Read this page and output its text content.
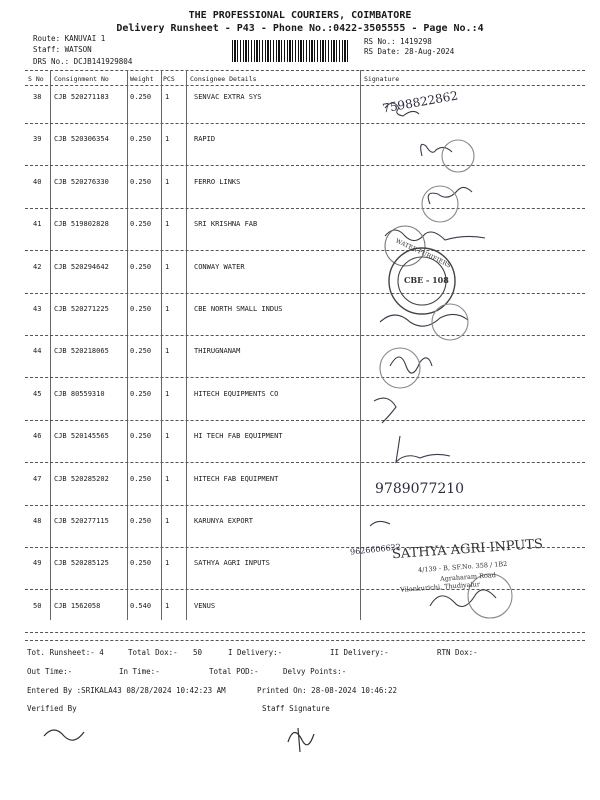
THE PROFESSIONAL COURIERS, COIMBATORE
Delivery Runsheet - P43 - Phone No.:0422-3505555 - Page No.:4
Route: KANUVAI 1
Staff: WATSON
DRS No.: DCJB141929804
RS No.: 1419298
RS Date: 28-Aug-2024
S No Consignment No	Weight PCS Consignee Details	Signature
38 CJB 520271183	0.250 1	SENVAC EXTRA SYS
39 CJB 520306354	0.250 1	RAPID
40 CJB 520276330	0.250 1	FERRO LINKS
41 CJB 519802828	0.250 1	SRI KRISHNA FAB
42 CJB 520294642	0.250 1	CONWAY WATER
43 CJB 520271225	0.250 1	CBE NORTH SMALL INDUS
44 CJB 520218065	0.250 1	THIRUGNANAM
45 CJB 80559310	0.250 1	HITECH EQUIPMENTS CO
46 CJB 520145565	0.250 1	HI TECH FAB EQUIPMENT
47 CJB 520285202	0.250 1	HITECH FAB EQUIPMENT
48 CJB 520277115	0.250 1	KARUNYA EXPORT
49 CJB 520285125	0.250 1	SATHYA AGRI INPUTS
50 CJB 1562058	0.540 1	VENUS
7598822862
9789077210
9626606622
WATER PURIFIERS
CBE - 108
SATHYA AGRI INPUTS
4/139 - B, SF.No. 358 / 1B2
Agraharam Road
Vilankurichi, Thudiyalur
Tot. Runsheet:- 4	Total Dox:- 50	I Delivery:-	II Delivery:-	RTN Dox:-
Out Time:-	In Time:-	Total POD:-	Delvy Points:-
Entered By :SRIKALA43 08/28/2024 10:42:23 AM	Printed On: 28-08-2024 10:46:22
Verified By	Staff Signature
